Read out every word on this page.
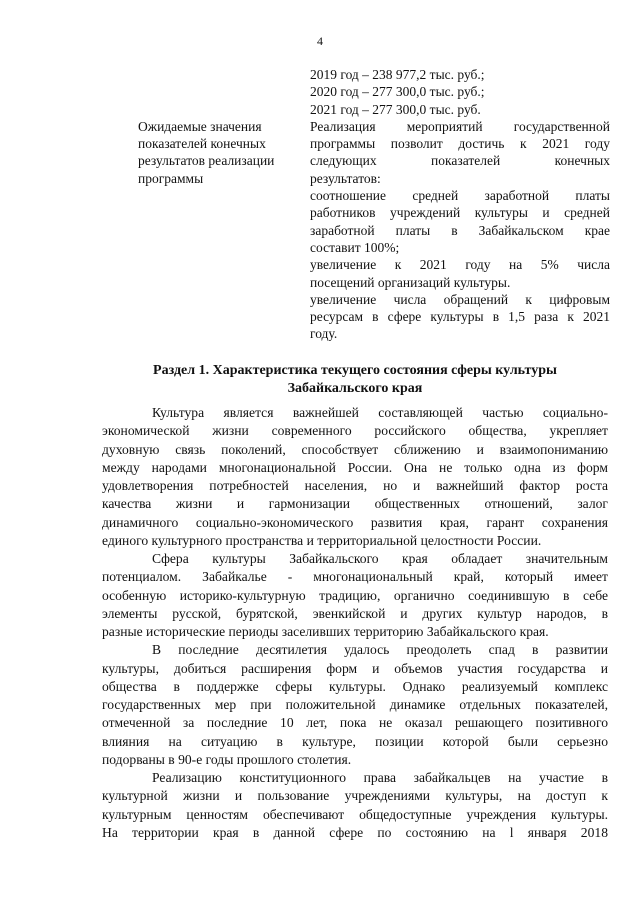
4
Ожидаемые значения
показателей конечных
результатов реализации
программы
2019 год – 238 977,2 тыс. руб.;
2020 год – 277 300,0 тыс. руб.;
2021 год – 277 300,0 тыс. руб.
Реализация мероприятий государственной
программы позволит достичь к 2021 году
следующих показателей конечных
результатов:
соотношение средней заработной платы
работников учреждений культуры и средней
заработной платы в Забайкальском крае
составит 100%;
увеличение к 2021 году на 5% числа
посещений организаций культуры.
увеличение числа обращений к цифровым
ресурсам в сфере культуры в 1,5 раза к 2021
году.
Раздел 1. Характеристика текущего состояния сферы культуры
Забайкальского края
Культура является важнейшей составляющей частью социально-
экономической жизни современного российского общества, укрепляет
духовную связь поколений, способствует сближению и взаимопониманию
между народами многонациональной России. Она не только одна из форм
удовлетворения потребностей населения, но и важнейший фактор роста
качества жизни и гармонизации общественных отношений, залог
динамичного социально-экономического развития края, гарант сохранения
единого культурного пространства и территориальной целостности России.
Сфера культуры Забайкальского края обладает значительным
потенциалом. Забайкалье - многонациональный край, который имеет
особенную историко-культурную традицию, органично соединившую в себе
элементы русской, бурятской, эвенкийской и других культур народов, в
разные исторические периоды заселивших территорию Забайкальского края.
В последние десятилетия удалось преодолеть спад в развитии
культуры, добиться расширения форм и объемов участия государства и
общества в поддержке сферы культуры. Однако реализуемый комплекс
государственных мер при положительной динамике отдельных показателей,
отмеченной за последние 10 лет, пока не оказал решающего позитивного
влияния на ситуацию в культуре, позиции которой были серьезно
подорваны в 90-е годы прошлого столетия.
Реализацию конституционного права забайкальцев на участие в
культурной жизни и пользование учреждениями культуры, на доступ к
культурным ценностям обеспечивают общедоступные учреждения культуры.
На территории края в данной сфере по состоянию на l января 2018
